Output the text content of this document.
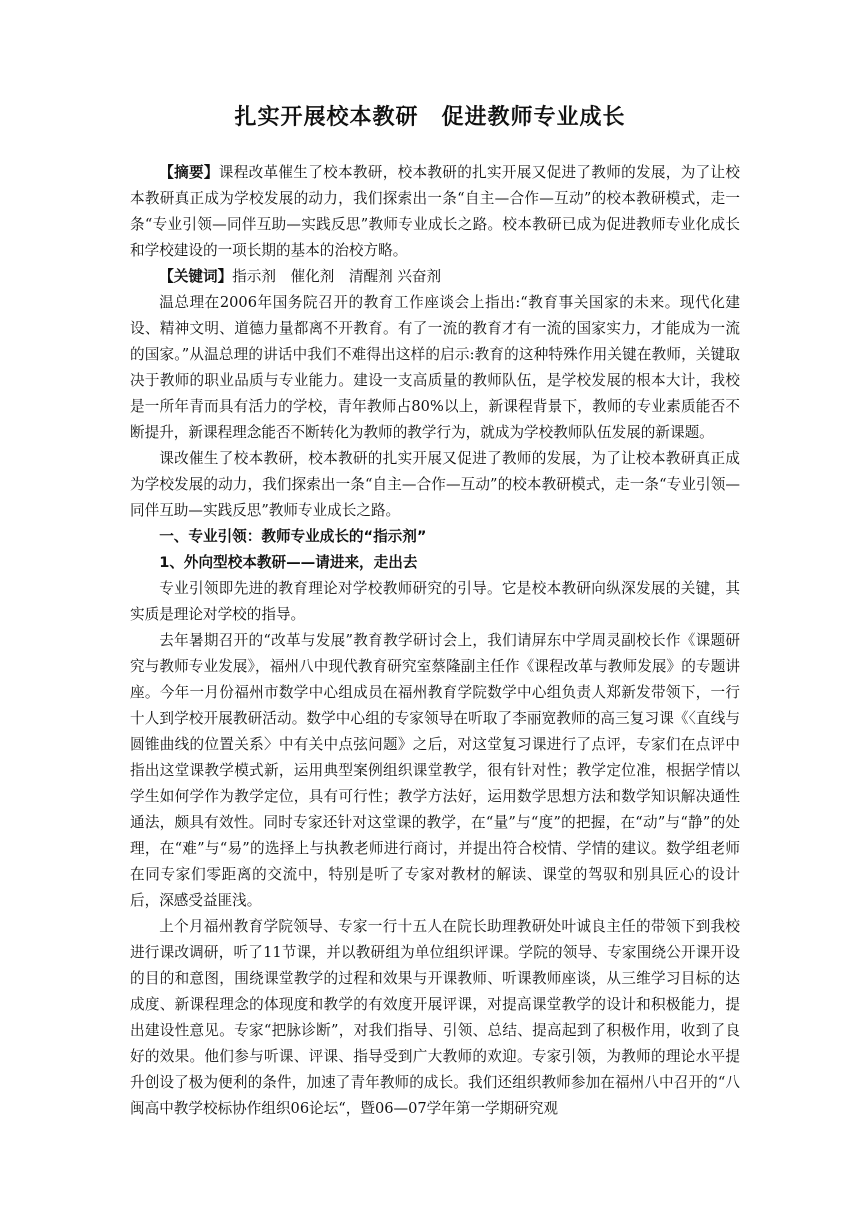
扎实开展校本教研　促进教师专业成长

【摘要】课程改革催生了校本教研，校本教研的扎实开展又促进了教师的发展，为了让校本教研真正成为学校发展的动力，我们探索出一条“自主—合作—互动”的校本教研模式，走一条“专业引领—同伴互助—实践反思”教师专业成长之路。校本教研已成为促进教师专业化成长和学校建设的一项长期的基本的治校方略。

【关键词】指示剂　催化剂　清醒剂 兴奋剂

温总理在2006年国务院召开的教育工作座谈会上指出:“教育事关国家的未来。现代化建设、精神文明、道德力量都离不开教育。有了一流的教育才有一流的国家实力，才能成为一流的国家。”从温总理的讲话中我们不难得出这样的启示:教育的这种特殊作用关键在教师，关键取决于教师的职业品质与专业能力。建设一支高质量的教师队伍，是学校发展的根本大计，我校是一所年青而具有活力的学校，青年教师占80%以上，新课程背景下，教师的专业素质能否不断提升，新课程理念能否不断转化为教师的教学行为，就成为学校教师队伍发展的新课题。

课改催生了校本教研，校本教研的扎实开展又促进了教师的发展，为了让校本教研真正成为学校发展的动力，我们探索出一条“自主—合作—互动”的校本教研模式，走一条“专业引领—同伴互助—实践反思”教师专业成长之路。

一、专业引领：教师专业成长的“指示剂”

1、外向型校本教研——请进来，走出去

专业引领即先进的教育理论对学校教师研究的引导。它是校本教研向纵深发展的关键，其实质是理论对学校的指导。

去年暑期召开的“改革与发展”教育教学研讨会上，我们请屏东中学周灵副校长作《课题研究与教师专业发展》，福州八中现代教育研究室蔡隆副主任作《课程改革与教师发展》的专题讲座。今年一月份福州市数学中心组成员在福州教育学院数学中心组负责人郑新发带领下，一行十人到学校开展教研活动。数学中心组的专家领导在听取了李丽宽教师的高三复习课《〈直线与圆锥曲线的位置关系〉中有关中点弦问题》之后，对这堂复习课进行了点评，专家们在点评中指出这堂课教学模式新，运用典型案例组织课堂教学，很有针对性；教学定位准，根据学情以学生如何学作为教学定位，具有可行性；教学方法好，运用数学思想方法和数学知识解决通性通法，颇具有效性。同时专家还针对这堂课的教学，在“量”与“度”的把握，在“动”与“静”的处理，在“难”与“易”的选择上与执教老师进行商讨，并提出符合校情、学情的建议。数学组老师在同专家们零距离的交流中，特别是听了专家对教材的解读、课堂的驾驭和别具匠心的设计后，深感受益匪浅。

上个月福州教育学院领导、专家一行十五人在院长助理教研处叶诚良主任的带领下到我校进行课改调研，听了11节课，并以教研组为单位组织评课。学院的领导、专家围绕公开课开设的目的和意图，围绕课堂教学的过程和效果与开课教师、听课教师座谈，从三维学习目标的达成度、新课程理念的体现度和教学的有效度开展评课，对提高课堂教学的设计和积极能力，提出建设性意见。专家“把脉诊断”，对我们指导、引领、总结、提高起到了积极作用，收到了良好的效果。他们参与听课、评课、指导受到广大教师的欢迎。专家引领，为教师的理论水平提升创设了极为便利的条件，加速了青年教师的成长。我们还组织教师参加在福州八中召开的“八闽高中教学校标协作组织06论坛“，暨06—07学年第一学期研究观
